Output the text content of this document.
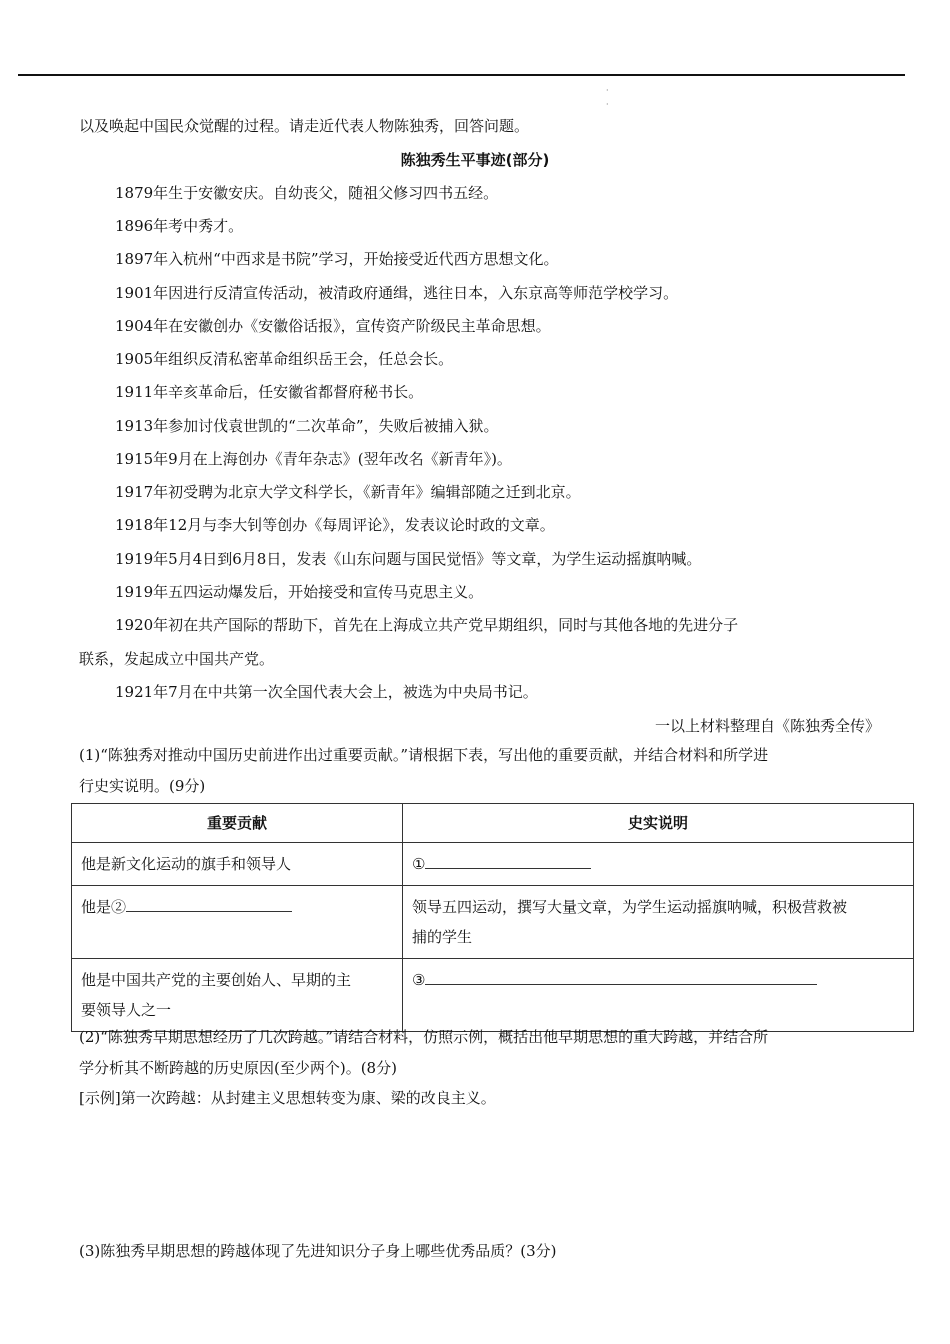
·
·
以及唤起中国民众觉醒的过程。请走近代表人物陈独秀，回答问题。
陈独秀生平事迹(部分)
1879年生于安徽安庆。自幼丧父，随祖父修习四书五经。
1896年考中秀才。
1897年入杭州“中西求是书院”学习，开始接受近代西方思想文化。
1901年因进行反清宣传活动，被清政府通缉，逃往日本，入东京高等师范学校学习。
1904年在安徽创办《安徽俗话报》，宣传资产阶级民主革命思想。
1905年组织反清私密革命组织岳王会，任总会长。
1911年辛亥革命后，任安徽省都督府秘书长。
1913年参加讨伐袁世凯的“二次革命”，失败后被捕入狱。
1915年9月在上海创办《青年杂志》(翌年改名《新青年》)。
1917年初受聘为北京大学文科学长，《新青年》编辑部随之迁到北京。
1918年12月与李大钊等创办《每周评论》，发表议论时政的文章。
1919年5月4日到6月8日，发表《山东问题与国民觉悟》等文章，为学生运动摇旗呐喊。
1919年五四运动爆发后，开始接受和宣传马克思主义。
1920年初在共产国际的帮助下，首先在上海成立共产党早期组织，同时与其他各地的先进分子
联系，发起成立中国共产党。
1921年7月在中共第一次全国代表大会上，被选为中央局书记。
一以上材料整理自《陈独秀全传》
(1)“陈独秀对推动中国历史前进作出过重要贡献。”请根据下表，写出他的重要贡献，并结合材料和所学进
行史实说明。(9分)
重要贡献	史实说明
他是新文化运动的旗手和领导人	①
他是②	领导五四运动，撰写大量文章，为学生运动摇旗呐喊，积极营救被
捕的学生

他是中国共产党的主要创始人、早期的主
要领导人之一	③
(2)“陈独秀早期思想经历了几次跨越。”请结合材料，仿照示例，概括出他早期思想的重大跨越，并结合所
学分析其不断跨越的历史原因(至少两个)。(8分)
[示例]第一次跨越：从封建主义思想转变为康、梁的改良主义。
(3)陈独秀早期思想的跨越体现了先进知识分子身上哪些优秀品质？(3分)
